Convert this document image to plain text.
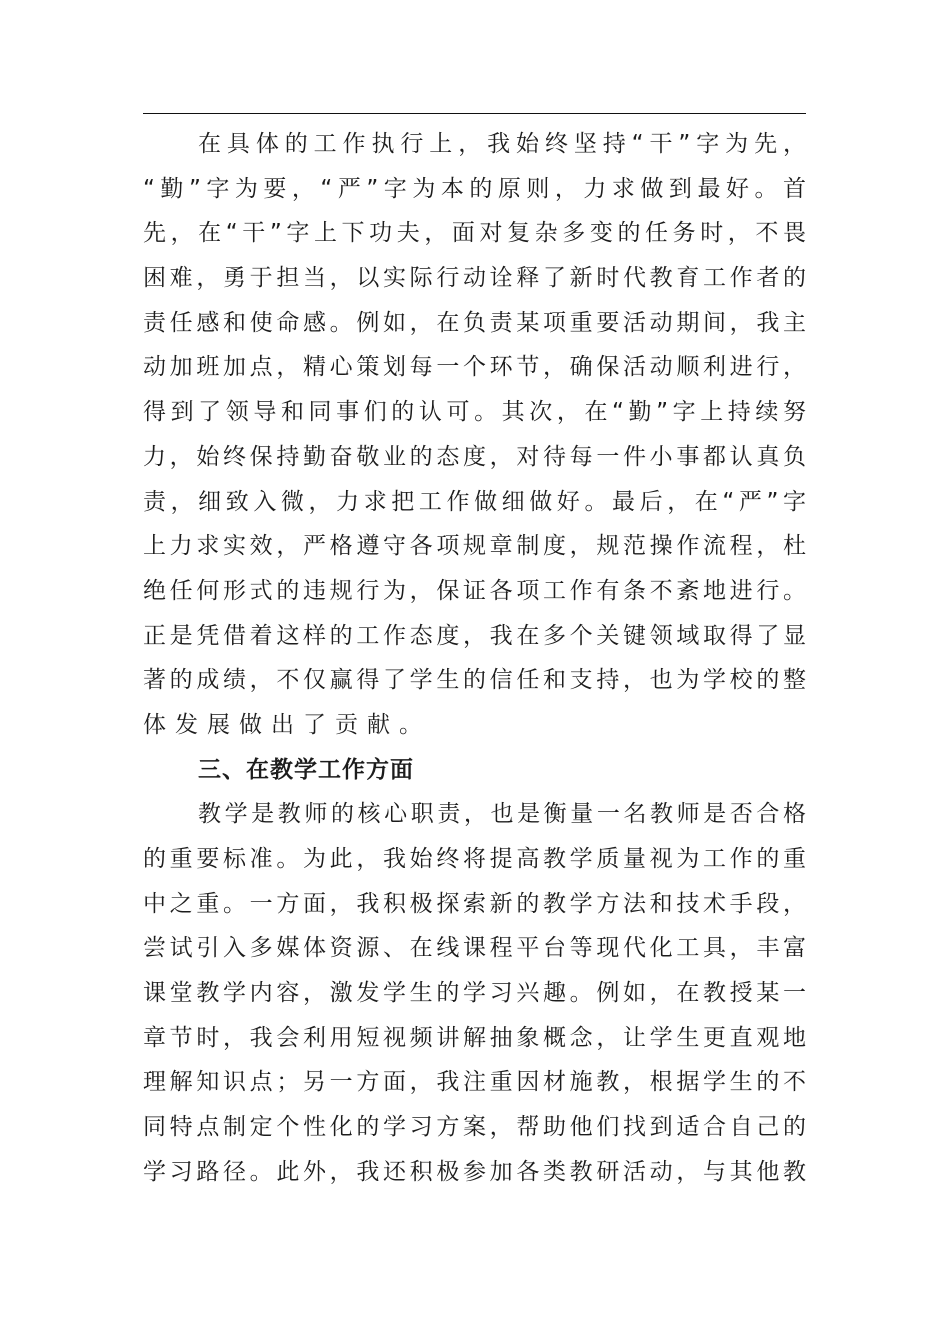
在具体的工作执行上，我始终坚持“干”字为先，
“勤”字为要，“严”字为本的原则，力求做到最好。首
先，在“干”字上下功夫，面对复杂多变的任务时，不畏
困难，勇于担当，以实际行动诠释了新时代教育工作者的
责任感和使命感。例如，在负责某项重要活动期间，我主
动加班加点，精心策划每一个环节，确保活动顺利进行，
得到了领导和同事们的认可。其次，在“勤”字上持续努
力，始终保持勤奋敬业的态度，对待每一件小事都认真负
责，细致入微，力求把工作做细做好。最后，在“严”字
上力求实效，严格遵守各项规章制度，规范操作流程，杜
绝任何形式的违规行为，保证各项工作有条不紊地进行。
正是凭借着这样的工作态度，我在多个关键领域取得了显
著的成绩，不仅赢得了学生的信任和支持，也为学校的整
体发展做出了贡献。
三、在教学工作方面
教学是教师的核心职责，也是衡量一名教师是否合格
的重要标准。为此，我始终将提高教学质量视为工作的重
中之重。一方面，我积极探索新的教学方法和技术手段，
尝试引入多媒体资源、在线课程平台等现代化工具，丰富
课堂教学内容，激发学生的学习兴趣。例如，在教授某一
章节时，我会利用短视频讲解抽象概念，让学生更直观地
理解知识点；另一方面，我注重因材施教，根据学生的不
同特点制定个性化的学习方案，帮助他们找到适合自己的
学习路径。此外，我还积极参加各类教研活动，与其他教
